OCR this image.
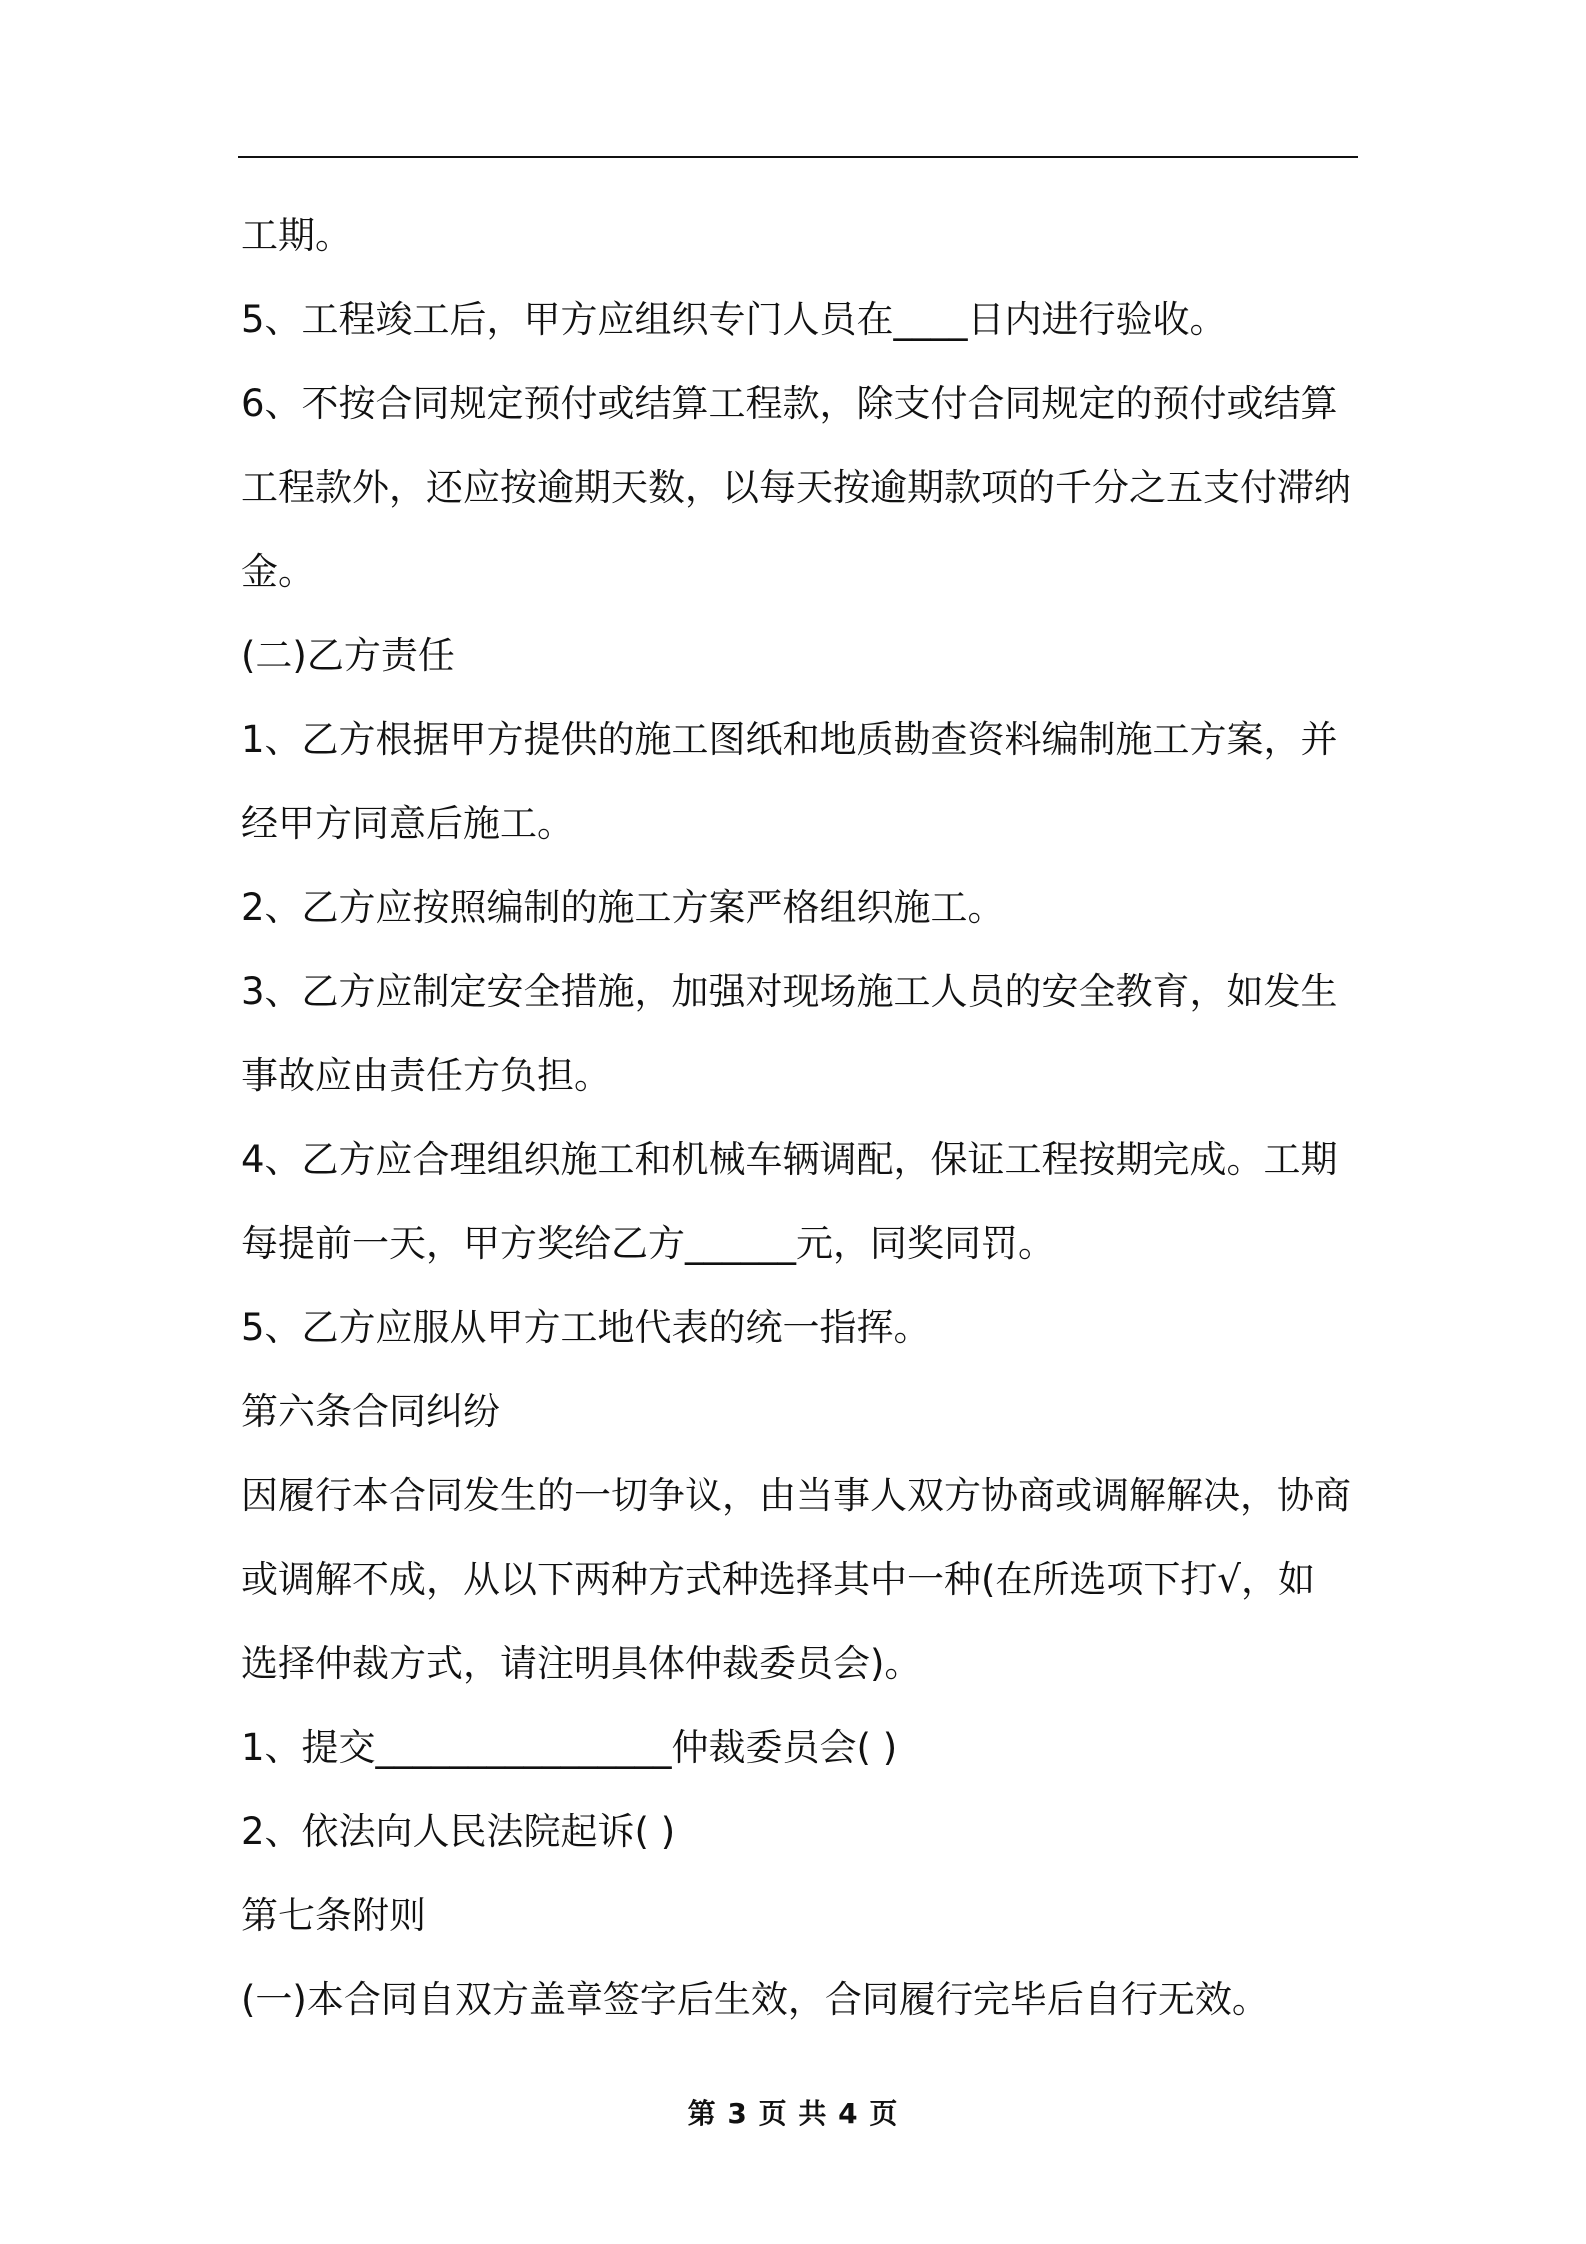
工期。
5、工程竣工后，甲方应组织专门人员在____日内进行验收。
6、不按合同规定预付或结算工程款，除支付合同规定的预付或结算
工程款外，还应按逾期天数，以每天按逾期款项的千分之五支付滞纳
金。
(二)乙方责任
1、乙方根据甲方提供的施工图纸和地质勘查资料编制施工方案，并
经甲方同意后施工。
2、乙方应按照编制的施工方案严格组织施工。
3、乙方应制定安全措施，加强对现场施工人员的安全教育，如发生
事故应由责任方负担。
4、乙方应合理组织施工和机械车辆调配，保证工程按期完成。工期
每提前一天，甲方奖给乙方______元，同奖同罚。
5、乙方应服从甲方工地代表的统一指挥。
第六条合同纠纷
因履行本合同发生的一切争议，由当事人双方协商或调解解决，协商
或调解不成，从以下两种方式种选择其中一种(在所选项下打√，如
选择仲裁方式，请注明具体仲裁委员会)。
1、提交________________仲裁委员会( )
2、依法向人民法院起诉( )
第七条附则
(一)本合同自双方盖章签字后生效，合同履行完毕后自行无效。
第 3 页 共 4 页
